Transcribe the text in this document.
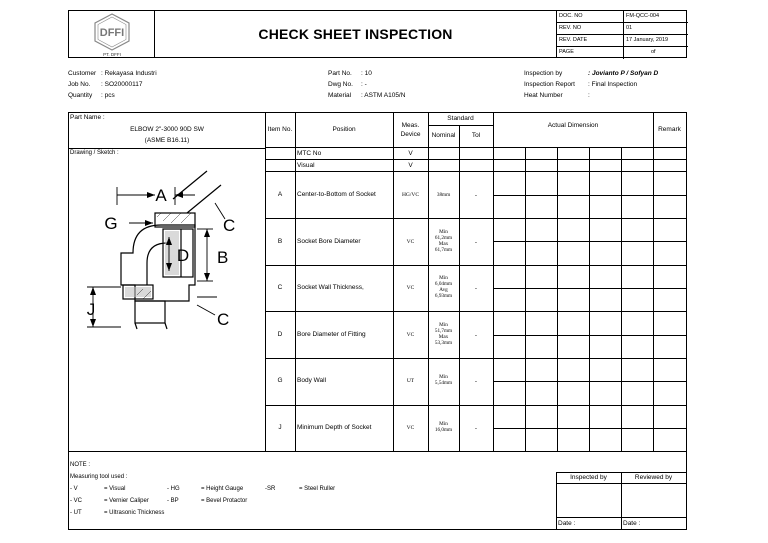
DFFI
PT. DFFI
CHECK SHEET INSPECTION
DOC. NO	FM-QCC-004
REV. NO	01
REV. DATE	17 January, 2019
PAGE	of
Customer : Rekayasa Industri
Job No. : SO20000117
Quantity : pcs
Part No. : 10
Dwg No. : -
Material : ASTM A105/N
Inspection by	: Jovianto P / Sofyan D
Inspection Report : Final Inspection
Heat Number	:
Part Name :
ELBOW 2"-3000 90D SW
(ASME B16.11)
Drawing / Sketch :
Item No.	Position
Meas.
Device
Standard
Nominal	Tol
Actual Dimension
Remark
MTC No	V
Visual	V
A	Center-to-Bottom of Socket	HG/VC	38mm	-
B	Socket Bore Diameter	VC
Min
61,2mm
Max
61,7mm
-
C	Socket Wall Thickness,	VC
Min
6,04mm
Avg
6,93mm
-
D	Bore Diameter of Fitting	VC
Min
51,7mm
Max
53,3mm
-
G	Body Wall	UT
Min
5,54mm	-
J	Minimum Depth of Socket	VC
Min
16,0mm	-
A
C
G
D B
J
C
NOTE :
Measuring tool used :
- V	= Visual	- HG	= Height Gauge	-SR	= Steel Ruller
- VC	= Vernier Caliper	- BP	= Bevel Protactor
- UT	= Ultrasonic Thickness
Inspected by	Reviewed by
Date :	Date :
